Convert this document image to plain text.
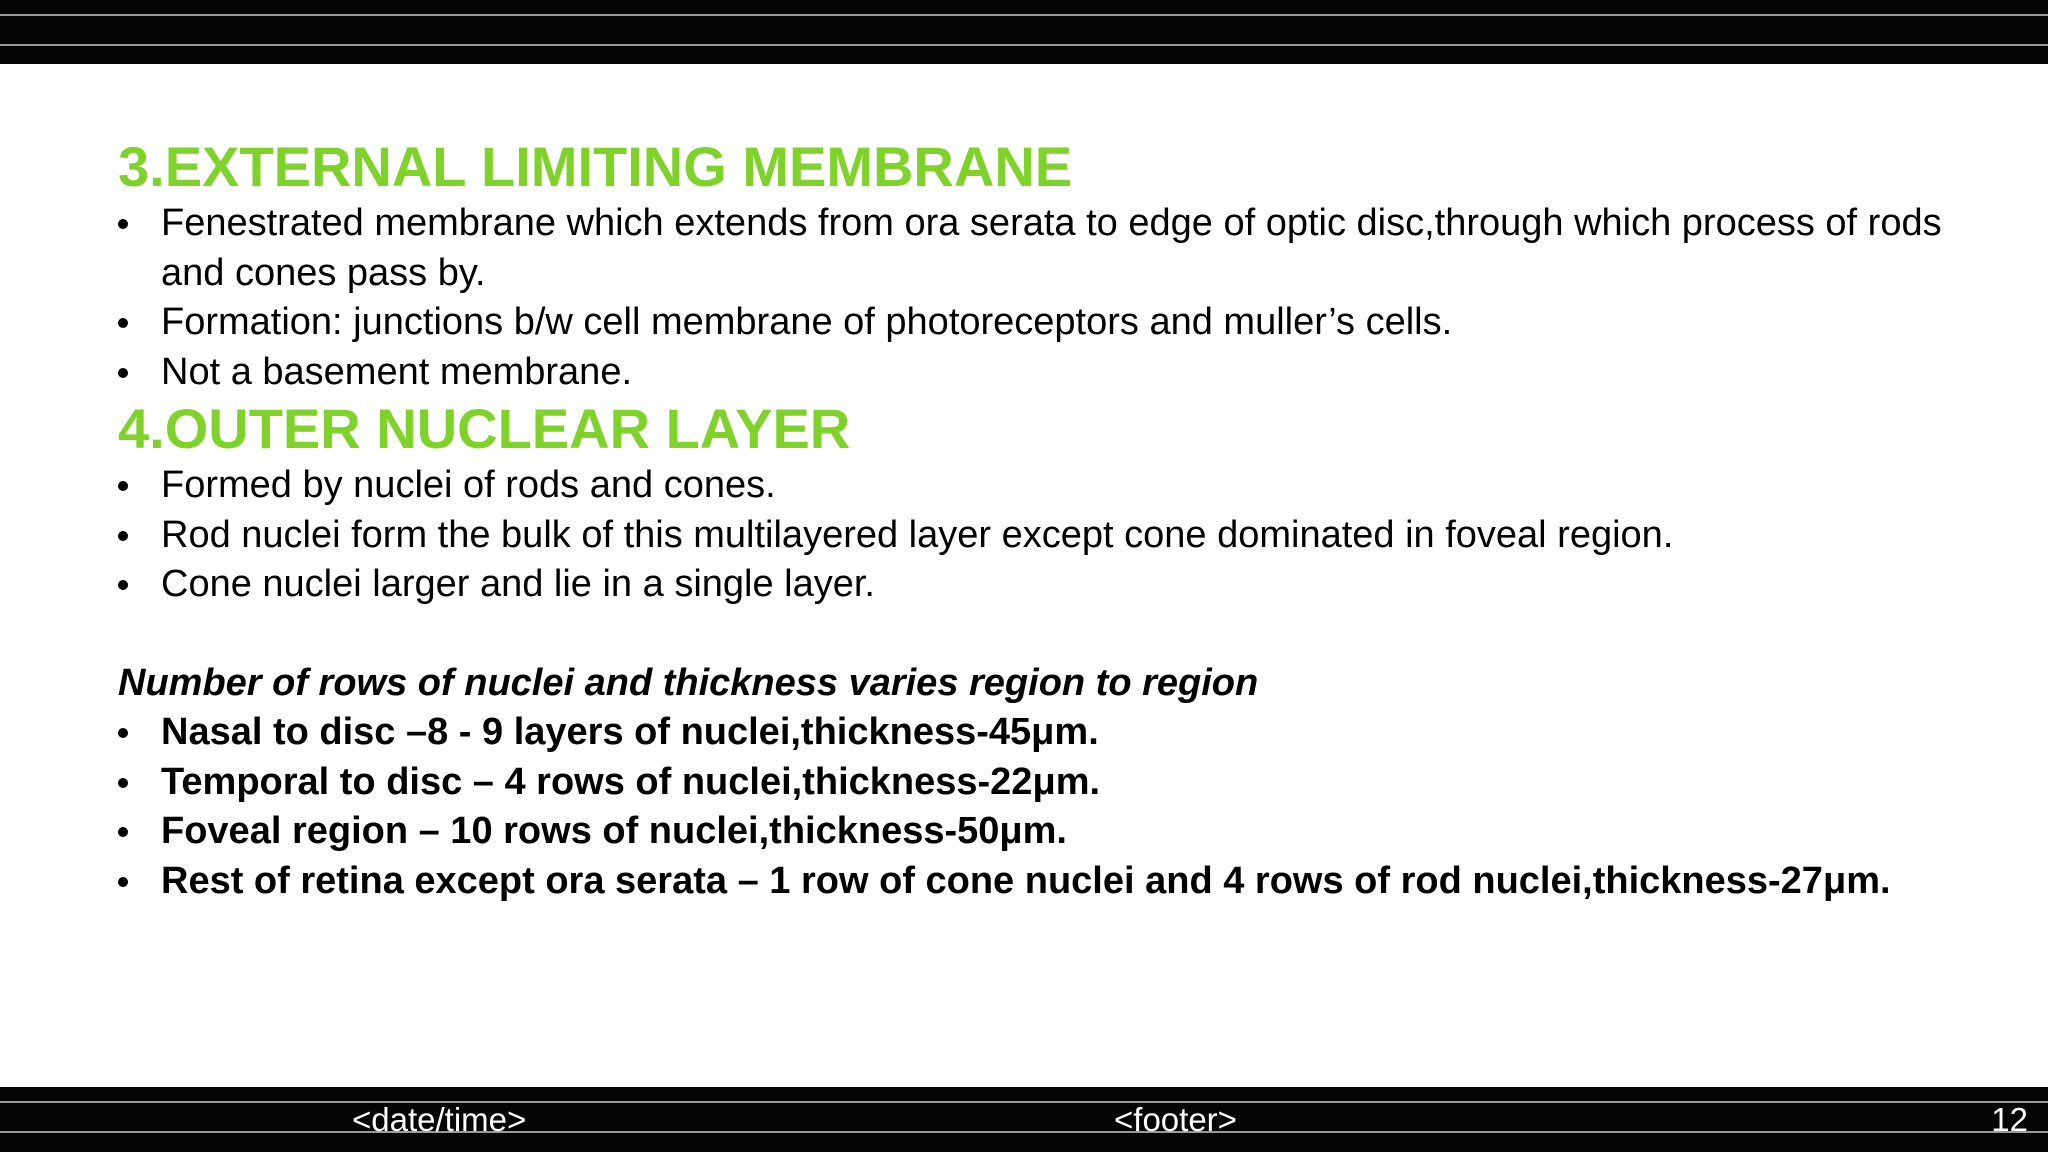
3.EXTERNAL LIMITING MEMBRANE
Fenestrated membrane which extends from ora serata to edge of optic disc,through which process of rods and cones pass by.
Formation: junctions b/w cell membrane of photoreceptors and muller’s cells.
Not a basement membrane.
4.OUTER NUCLEAR LAYER
Formed by nuclei of rods and cones.
Rod nuclei form the bulk of this multilayered layer except cone dominated in foveal region.
Cone nuclei larger and lie in a single layer.

Number of rows of nuclei and thickness varies region to region

Nasal to disc –8 - 9 layers of nuclei,thickness-45μm.
Temporal to disc – 4 rows of nuclei,thickness-22μm.
Foveal region – 10 rows of nuclei,thickness-50μm.
Rest of retina except ora serata – 1 row of cone nuclei and 4 rows of rod nuclei,thickness-27μm.
<date/time>	<footer>	12
